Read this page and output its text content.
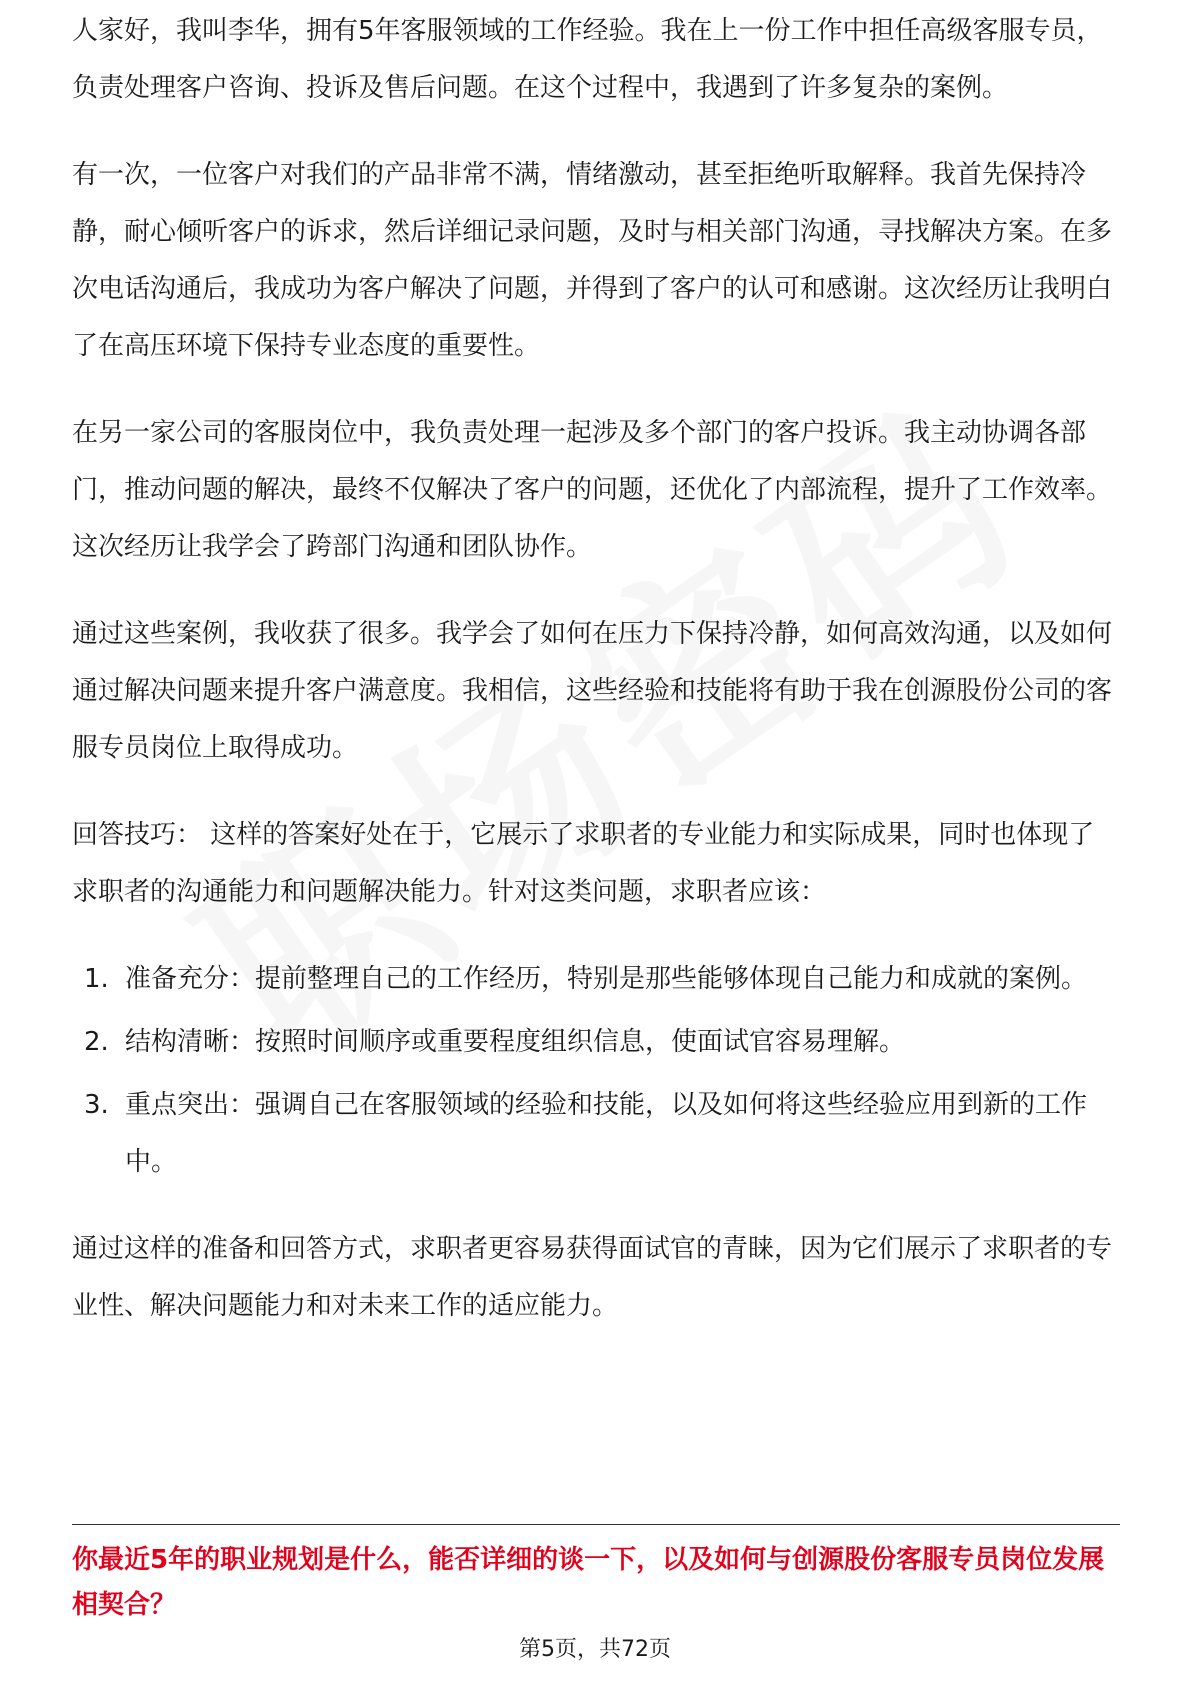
人家好，我叫李华，拥有5年客服领域的工作经验。我在上一份工作中担任高级客服专员，负责处理客户咨询、投诉及售后问题。在这个过程中，我遇到了许多复杂的案例。

有一次，一位客户对我们的产品非常不满，情绪激动，甚至拒绝听取解释。我首先保持冷静，耐心倾听客户的诉求，然后详细记录问题，及时与相关部门沟通，寻找解决方案。在多次电话沟通后，我成功为客户解决了问题，并得到了客户的认可和感谢。这次经历让我明白了在高压环境下保持专业态度的重要性。

在另一家公司的客服岗位中，我负责处理一起涉及多个部门的客户投诉。我主动协调各部门，推动问题的解决，最终不仅解决了客户的问题，还优化了内部流程，提升了工作效率。这次经历让我学会了跨部门沟通和团队协作。

通过这些案例，我收获了很多。我学会了如何在压力下保持冷静，如何高效沟通，以及如何通过解决问题来提升客户满意度。我相信，这些经验和技能将有助于我在创源股份公司的客服专员岗位上取得成功。

回答技巧： 这样的答案好处在于，它展示了求职者的专业能力和实际成果，同时也体现了求职者的沟通能力和问题解决能力。针对这类问题，求职者应该：

1. 准备充分：提前整理自己的工作经历，特别是那些能够体现自己能力和成就的案例。
2. 结构清晰：按照时间顺序或重要程度组织信息，使面试官容易理解。
3. 重点突出：强调自己在客服领域的经验和技能，以及如何将这些经验应用到新的工作中。

通过这样的准备和回答方式，求职者更容易获得面试官的青睐，因为它们展示了求职者的专业性、解决问题能力和对未来工作的适应能力。

你最近5年的职业规划是什么，能否详细的谈一下，以及如何与创源股份客服专员岗位发展相契合？
第5页，共72页
